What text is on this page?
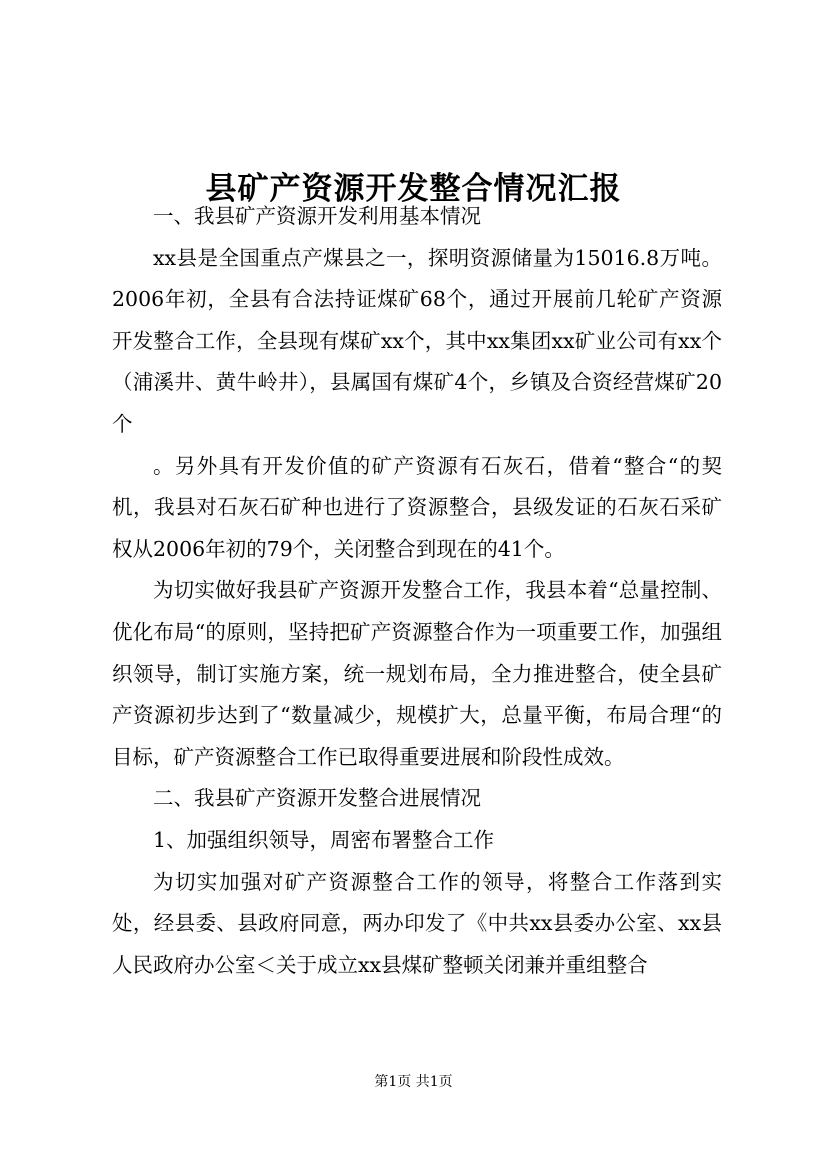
县矿产资源开发整合情况汇报

一、我县矿产资源开发利用基本情况

xx县是全国重点产煤县之一，探明资源储量为15016.8万吨。2006年初，全县有合法持证煤矿68个，通过开展前几轮矿产资源开发整合工作，全县现有煤矿xx个，其中xx集团xx矿业公司有xx个（浦溪井、黄牛岭井），县属国有煤矿4个，乡镇及合资经营煤矿20个

。另外具有开发价值的矿产资源有石灰石，借着“整合“的契机，我县对石灰石矿种也进行了资源整合，县级发证的石灰石采矿权从2006年初的79个，关闭整合到现在的41个。

为切实做好我县矿产资源开发整合工作，我县本着“总量控制、优化布局“的原则，坚持把矿产资源整合作为一项重要工作，加强组织领导，制订实施方案，统一规划布局，全力推进整合，使全县矿产资源初步达到了“数量减少，规模扩大，总量平衡，布局合理“的目标，矿产资源整合工作已取得重要进展和阶段性成效。

二、我县矿产资源开发整合进展情况

1、加强组织领导，周密布署整合工作

为切实加强对矿产资源整合工作的领导，将整合工作落到实处，经县委、县政府同意，两办印发了《中共xx县委办公室、xx县人民政府办公室＜关于成立xx县煤矿整顿关闭兼并重组整合

第1页 共1页
